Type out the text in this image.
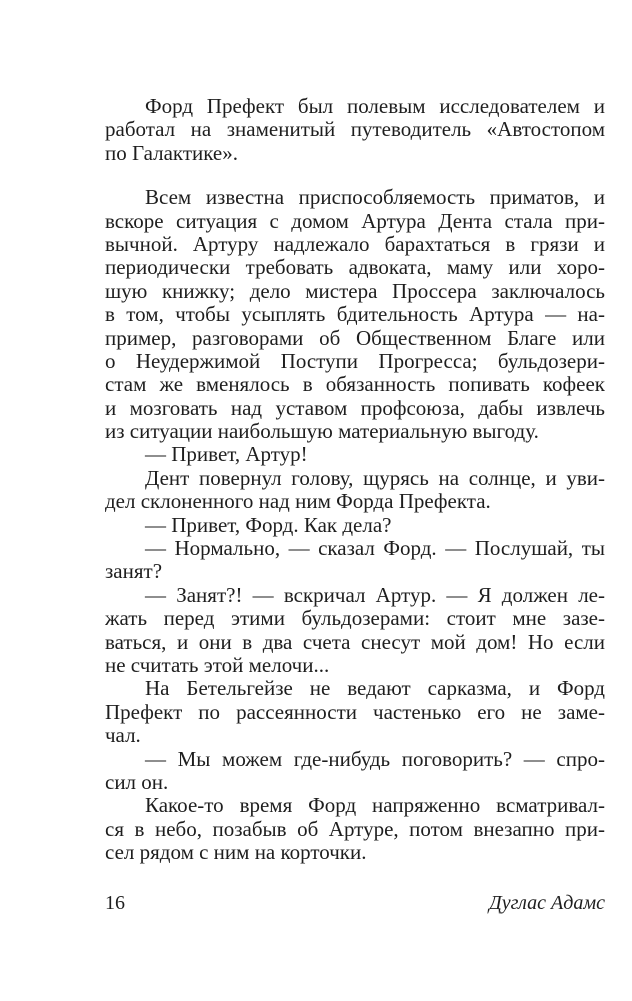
Форд Префект был полевым исследователем и
работал на знаменитый путеводитель «Автостопом
по Галактике».
Всем известна приспособляемость приматов, и
вскоре ситуация с домом Артура Дента стала при-
вычной. Артуру надлежало барахтаться в грязи и
периодически требовать адвоката, маму или хоро-
шую книжку; дело мистера Проссера заключалось
в том, чтобы усыплять бдительность Артура — на-
пример, разговорами об Общественном Благе или
о Неудержимой Поступи Прогресса; бульдозери-
стам же вменялось в обязанность попивать кофеек
и мозговать над уставом профсоюза, дабы извлечь
из ситуации наибольшую материальную выгоду.
— Привет, Артур!
Дент повернул голову, щурясь на солнце, и уви-
дел склоненного над ним Форда Префекта.
— Привет, Форд. Как дела?
— Нормально, — сказал Форд. — Послушай, ты
занят?
— Занят?! — вскричал Артур. — Я должен ле-
жать перед этими бульдозерами: стоит мне зазе-
ваться, и они в два счета снесут мой дом! Но если
не считать этой мелочи...
На Бетельгейзе не ведают сарказма, и Форд
Префект по рассеянности частенько его не заме-
чал.
— Мы можем где-нибудь поговорить? — спро-
сил он.
Какое-то время Форд напряженно всматривал-
ся в небо, позабыв об Артуре, потом внезапно при-
сел рядом с ним на корточки.
16	Дуглас Адамс
